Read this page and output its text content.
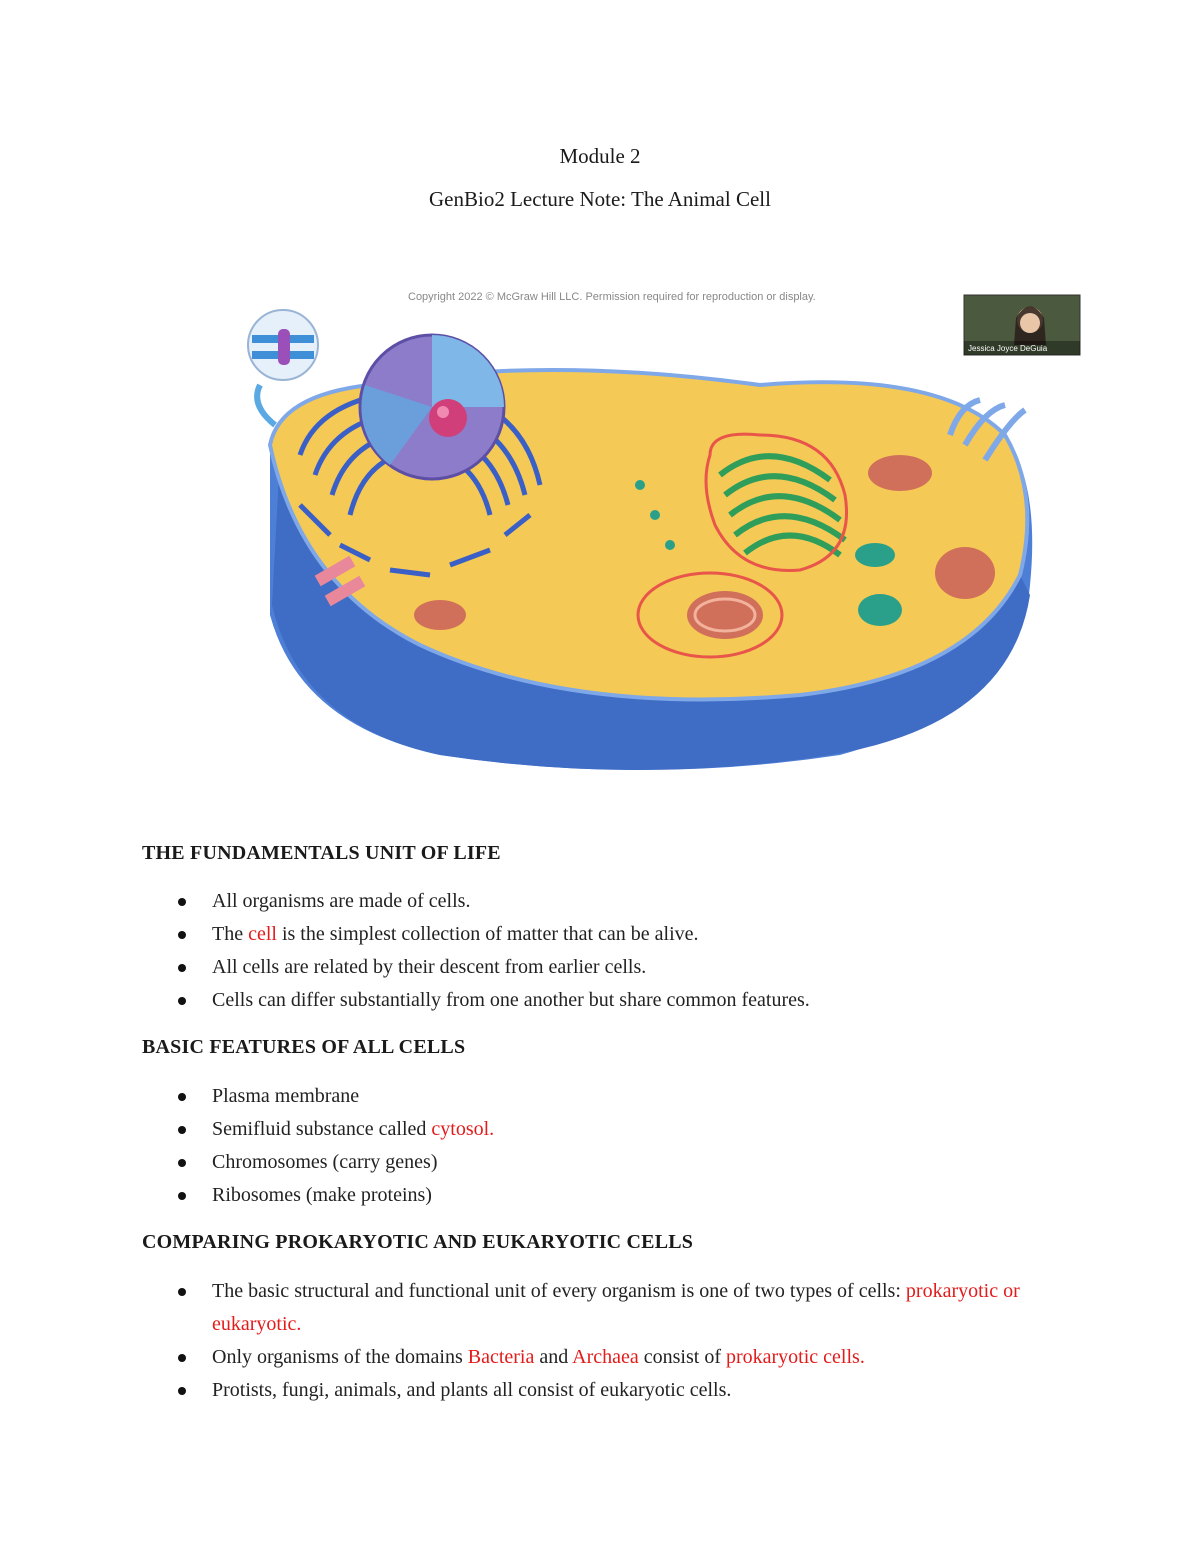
Module 2
GenBio2 Lecture Note: The Animal Cell
Copyright 2022 © McGraw Hill LLC. Permission required for reproduction or display.
Jessica Joyce DeGuia
THE FUNDAMENTALS UNIT OF LIFE
All organisms are made of cells.
The cell is the simplest collection of matter that can be alive.
All cells are related by their descent from earlier cells.
Cells can differ substantially from one another but share common features.
BASIC FEATURES OF ALL CELLS
Plasma membrane
Semifluid substance called cytosol.
Chromosomes (carry genes)
Ribosomes (make proteins)
COMPARING PROKARYOTIC AND EUKARYOTIC CELLS
The basic structural and functional unit of every organism is one of two types of cells: prokaryotic or eukaryotic.
Only organisms of the domains Bacteria and Archaea consist of prokaryotic cells.
Protists, fungi, animals, and plants all consist of eukaryotic cells.
